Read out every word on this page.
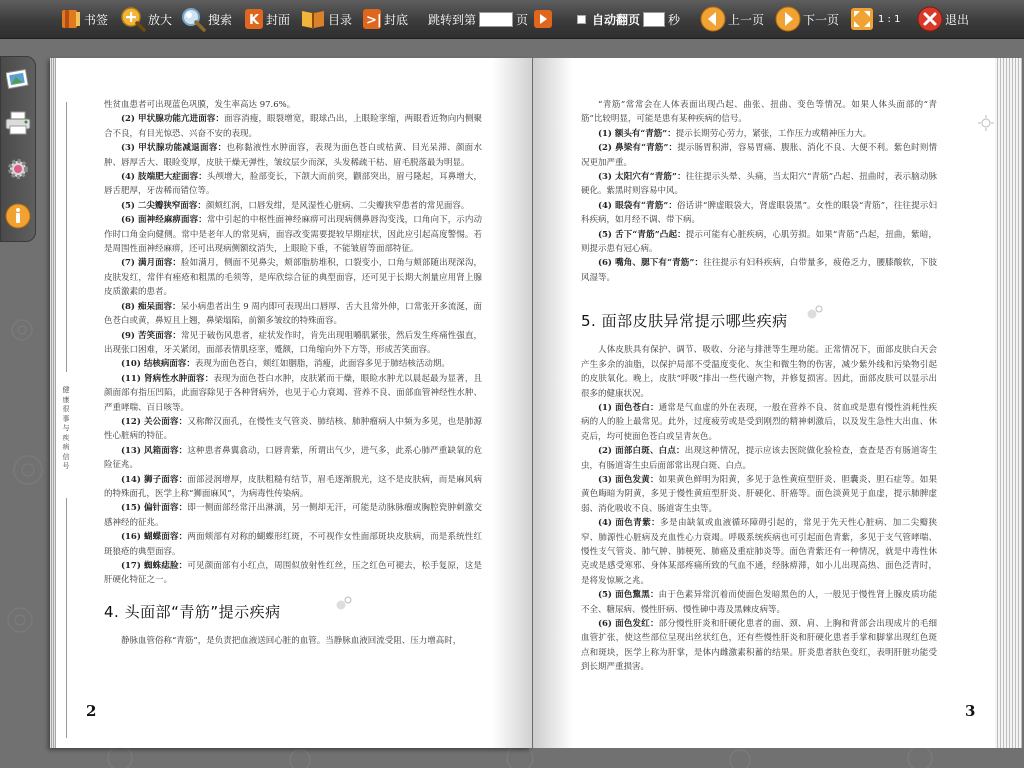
书签	放大	搜索 K 封面	目录 >| 封底 跳转到第	页	自动翻页 秒	上一页	下一页	1 : 1	退出
健康很事与疾病信号

性贫血患者可出现蓝色巩膜，发生率高达 97.6%。

(2) 甲状腺功能亢进面容：面容消瘦，眼裂增宽，眼球凸出，上眼睑挛缩，两眼看近物向内侧聚合不良，有目光惊恐、兴奋不安的表现。

(3) 甲状腺功能减退面容：也称黏液性水肿面容，表现为面色苍白或枯黄、目光呆滞、颜面水肿、唇厚舌大、眼睑变厚，皮肤干燥无弹性，皱纹层少而深，头发稀疏干枯、眉毛脱落最为明显。

(4) 肢端肥大症面容：头颅增大，脸部变长，下颌大而前突，颧部突出，眉弓隆起，耳鼻增大，唇舌肥厚，牙齿稀而错位等。

(5) 二尖瓣狭窄面容：颜颊红润，口唇发绀，是风湿性心脏病、二尖瓣狭窄患者的常见面容。

(6) 面神经麻痹面容：常中引起的中枢性面神经麻痹可出现病侧鼻唇沟变浅，口角向下，示内动作时口角金向健侧。常中是老年人的常见病，面容改变需要提较早期症状，因此应引起高度警惕。若是周围性面神经麻痹，还可出现病侧额纹消失，上眼睑下垂，不能皱眉等面部特征。

(7) 满月面容：脸如满月，侧面不见鼻尖，颊部脂肪堆积，口裂变小，口角与颊部随出现深沟，皮肤发红，常伴有痤疮和粗黑的毛须等，是库欣综合征的典型面容，还可见于长期大剂量应用肾上腺皮质激素的患者。

(8) 痴呆面容：呆小病患者出生 9 周内即可表现出口唇厚、舌大且常外伸，口常张开多流涎，面色苍白或黄，鼻短且上翘，鼻梁塌陷，前额多皱纹的特殊面容。

(9) 苦笑面容：常见于破伤风患者，症状发作时，肯先出现咀嚼肌紧张，然后发生疼痛性强直，出现张口困难，牙关紧闭，面部表情肌痉挛，蹙额，口角缩向外下方等，形成苦笑面容。

(10) 结核病面容：表现为面色苍白，颊红如胭脂，消瘦，此面容多见于肺结核活动期。

(11) 肾病性水肿面容：表现为面色苍白水肿，皮肤紧而干燥，眼睑水肿尤以晨起最为显著，且颜面部有指压凹陷，此面容除见于各种肾病外，也见于心力衰竭、营养不良、面部血管神经性水肿、严重哮喘、百日咳等。

(12) 关公面容：又称醉汉面孔，在慢性支气管炎、肺结核、肺肿瘤病人中频为多见，也是肺源性心脏病的特征。

(13) 风箱面容：这种患者鼻翼翕动，口唇青紫，所谓出气少，进气多，此系心肺严重缺氧的危险征兆。

(14) 狮子面容：面部浸润增厚，皮肤粗糙有结节，眉毛逐渐脱光，这不是皮肤病，而是麻风病的特殊面孔，医学上称“狮面麻风”，为病毒性传染病。

(15) 偏针面容：即一侧面部经常汗出淋漓，另一侧却无汗，可能是动脉脉瘤或胸腔瓷肿刺激交感神经的征兆。

(16) 蝴蝶面容：两面颊部有对称的蝴蝶形红斑，不可视作女性面部斑块皮肤病，而是系统性红斑狼疮的典型面容。

(17) 蜘蛛痣脸：可见颜面部有小红点，周围似放射性红丝，压之红色可褪去，松手复原，这是肝硬化特征之一。

4. 头面部“青筋”提示疾病

静脉血管俗称“青筋”，是负责把血液送回心脏的血管。当静脉血液回流受阻、压力增高时，

2

“青筋”常常会在人体表面出现凸起、曲张、扭曲、变色等情况。如果人体头面部的“青筋”比较明显，可能是患有某种疾病的信号。

(1) 额头有“青筋”：提示长期劳心劳力，紧张，工作压力或精神压力大。

(2) 鼻梁有“青筋”：提示肠胃积滞，容易胃痛、腹胀、消化不良、大便不利。紫色时则情况更加严重。

(3) 太阳穴有“青筋”：往往提示头晕、头痛，当太阳穴“青筋”凸起、扭曲时，表示脑动脉硬化。紫黑时则容易中风。

(4) 眼袋有“青筋”：俗话讲“脾虚眼袋大，肾虚眼袋黑”。女性的眼袋“青筋”，往往提示妇科疾病，如月经不调、带下病。

(5) 舌下“青筋”凸起：提示可能有心脏疾病，心肌劳损。如果“青筋”凸起，扭曲，紫暗，则提示患有冠心病。

(6) 嘴角、腮下有“青筋”：往往提示有妇科疾病，白带量多，疲倦乏力，腰膝酸软，下肢风湿等。

5. 面部皮肤异常提示哪些疾病

人体皮肤具有保护、调节、吸收、分泌与排泄等生理功能。正常情况下，面部皮肤白天会产生多余的油脂，以保护局部不受温度变化、灰尘和微生物的伤害，减少紫外线和污染物引起的皮肤氧化。晚上，皮肤“呼吸”排出一些代谢产物，并修复损害。因此，面部皮肤可以显示出很多的健康状况。

(1) 面色苍白：通常是气血虚的外在表现，一般在营养不良、贫血或是患有慢性消耗性疾病的人的脸上最常见。此外，过度疲劳或是受到刚烈的精神刺激后，以及发生急性大出血、休克后，均可使面色苍白或呈青灰色。

(2) 面部白斑、白点：出现这种情况，提示应该去医院做化验检查，查查是否有肠道寄生虫，有肠道寄生虫后面部常出现白斑、白点。

(3) 面色发黄：如果黄色鲜明为阳黄，多见于急性黄疸型肝炎、胆囊炎、胆石症等。如果黄色晦暗为阴黄，多见于慢性黄疸型肝炎、肝硬化、肝癌等。面色淡黄见于血虚，提示肺脾虚弱、消化吸收不良、肠道寄生虫等。

(4) 面色青紫：多是由缺氧或血液循环障碍引起的，常见于先天性心脏病、加二尖瓣狭窄、肺源性心脏病及充血性心力衰竭。呼吸系统疾病也可引起面色青紫，多见于支气管哮喘、慢性支气管炎、肺气肿、肺梗死、肺癌及重症肺炎等。面色青紫还有一种情况，就是中毒性休克或是感受寒邪、身体某部疼痛所致的气血不通，经脉痹滞，如小儿出现高热、面色泛青时，是将发惊厥之兆。

(5) 面色黧黑：由于色素异常沉着而使面色发暗黑色的人，一般见于慢性肾上腺皮质功能不全、糖尿病、慢性肝病、慢性砷中毒及黑棘皮病等。

(6) 面色发红：部分慢性肝炎和肝硬化患者的面、颈、肩、上胸和背部会出现成片的毛细血管扩张，使这些部位呈现出丝状红色，还有些慢性肝炎和肝硬化患者手掌和脚掌出现红色斑点和斑块，医学上称为肝掌，是体内雌激素积蓄的结果。肝炎患者肤色变红，表明肝脏功能受到长期严重损害。

3
